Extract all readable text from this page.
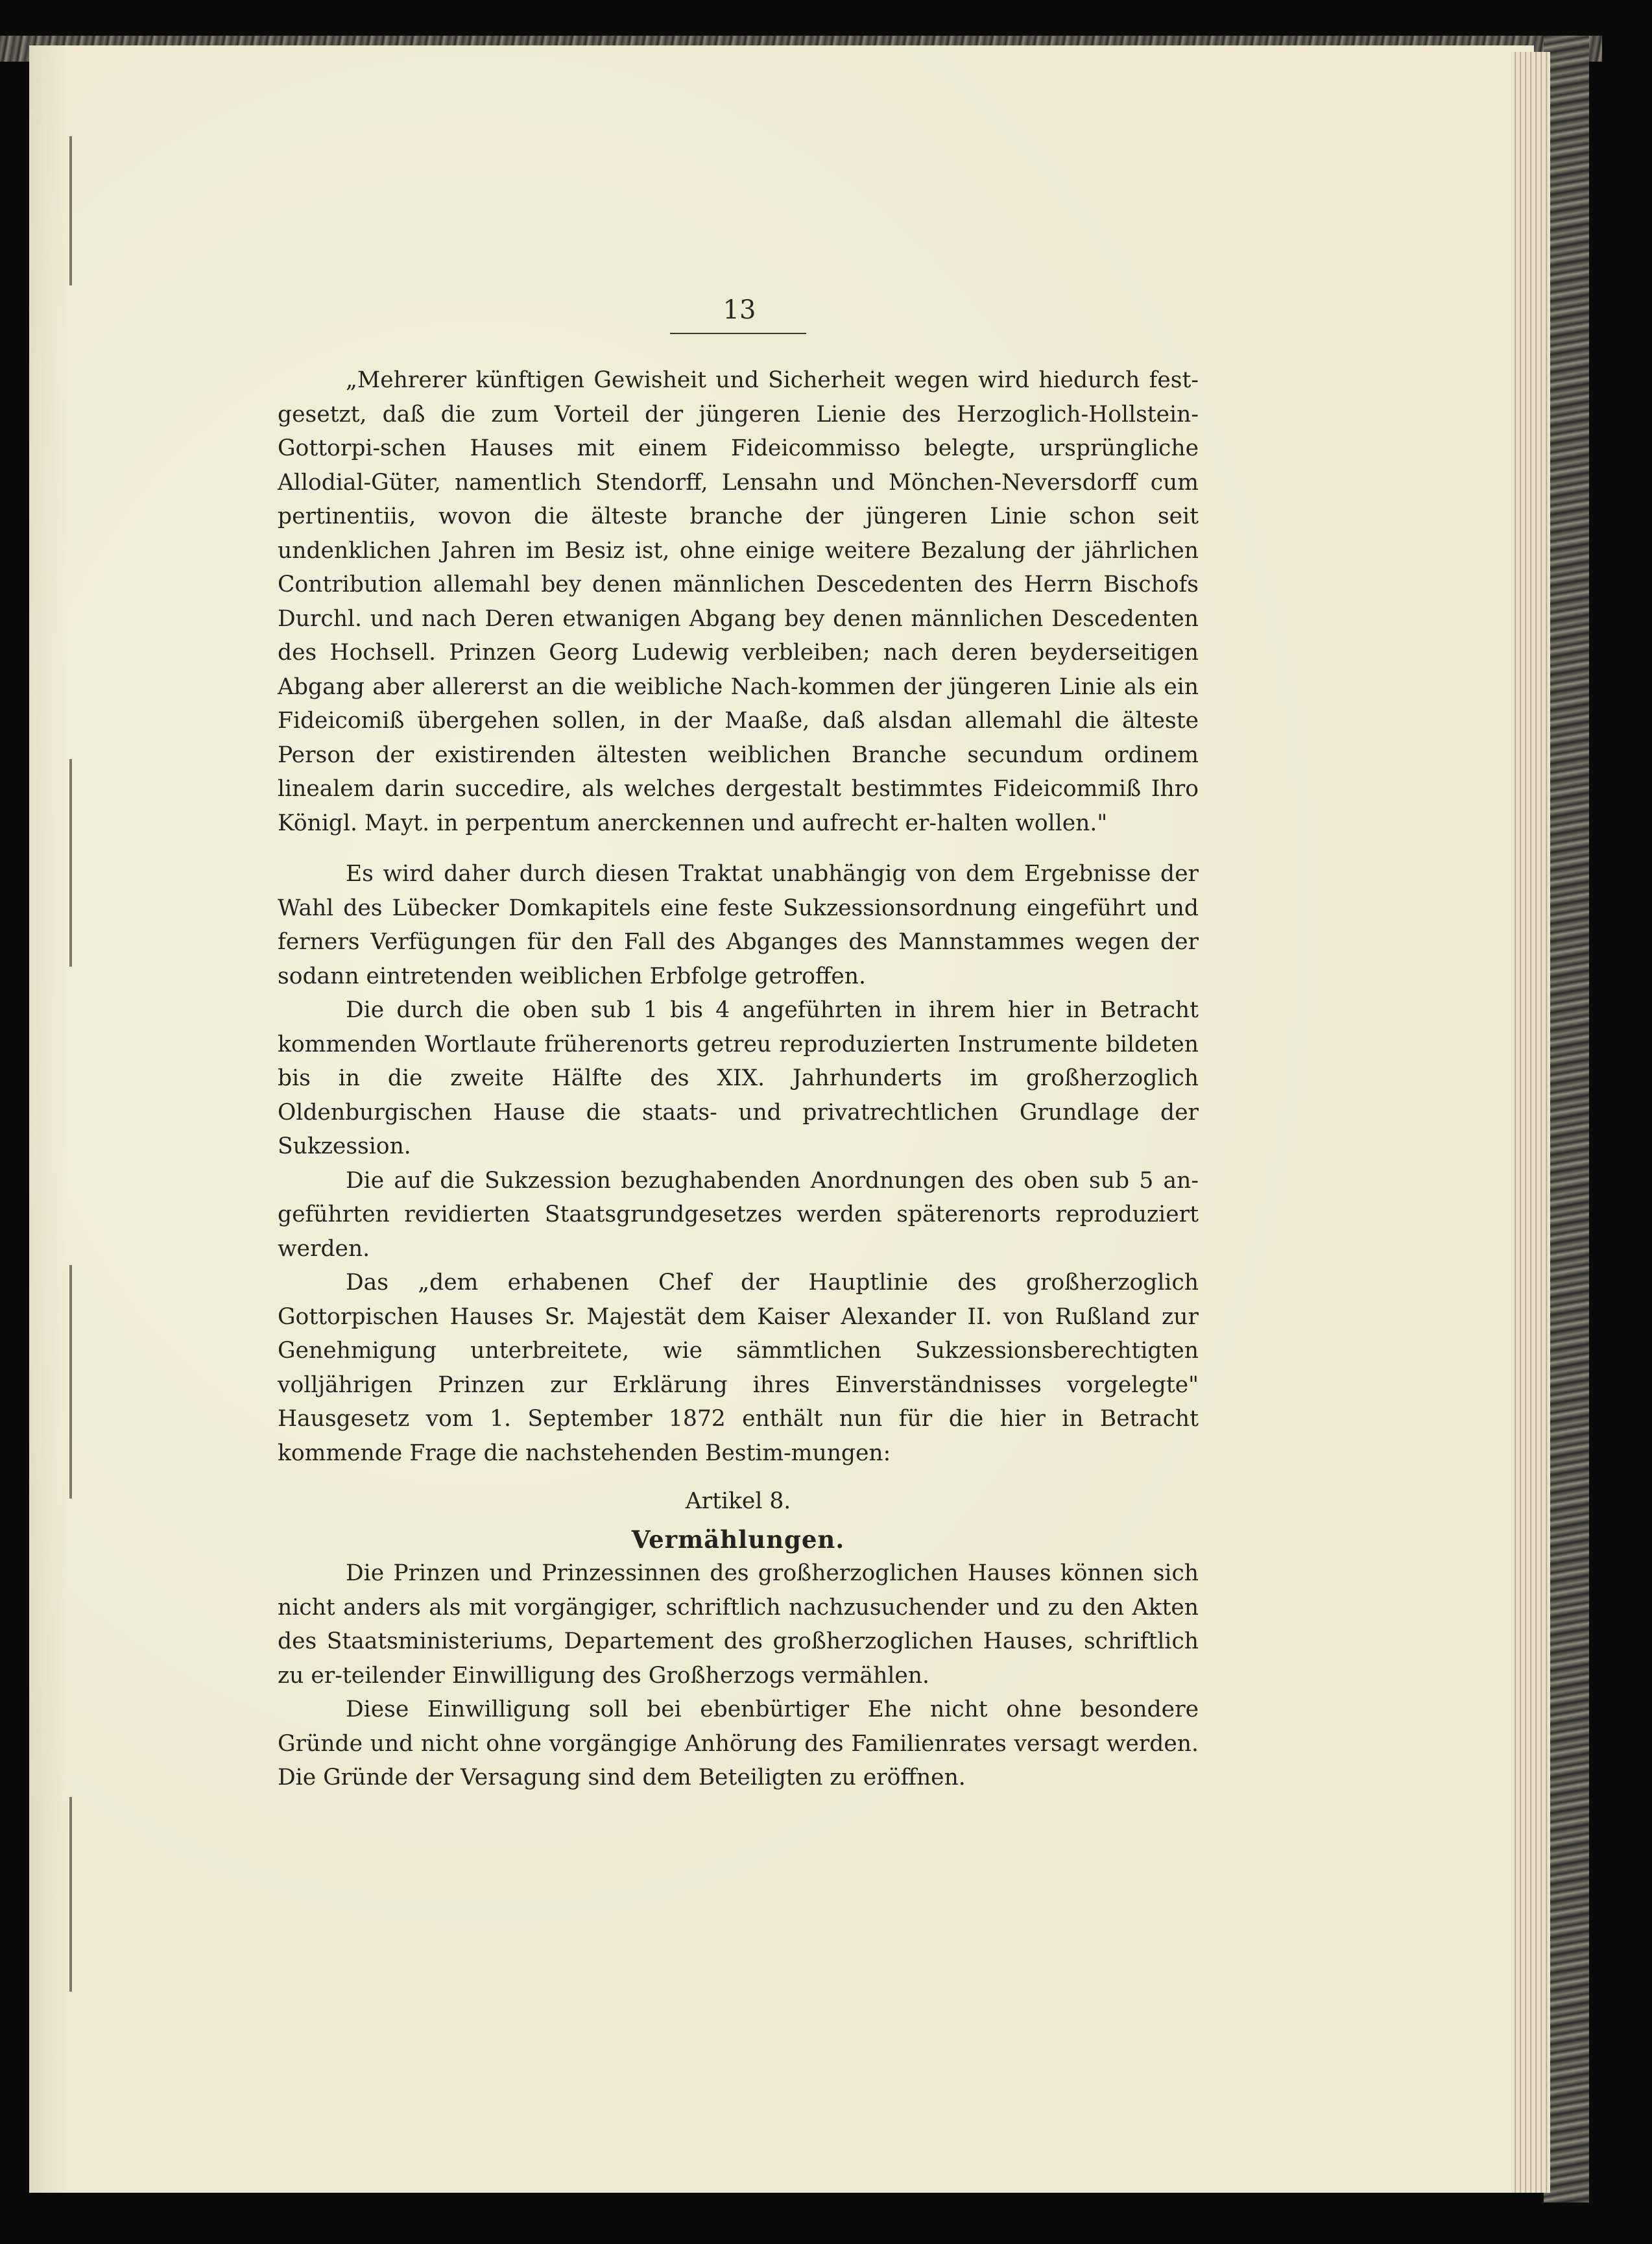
13

„Mehrerer künftigen Gewisheit und Sicherheit wegen wird hiedurch fest-gesetzt, daß die zum Vorteil der jüngeren Lienie des Herzoglich-Hollstein-Gottorpi-schen Hauses mit einem Fideicommisso belegte, ursprüngliche Allodial-Güter, namentlich Stendorff, Lensahn und Mönchen-Neversdorff cum pertinentiis, wovon die älteste branche der jüngeren Linie schon seit undenklichen Jahren im Besiz ist, ohne einige weitere Bezalung der jährlichen Contribution allemahl bey denen männlichen Descedenten des Herrn Bischofs Durchl. und nach Deren etwanigen Abgang bey denen männlichen Descedenten des Hochsell. Prinzen Georg Ludewig verbleiben; nach deren beyderseitigen Abgang aber allererst an die weibliche Nach-kommen der jüngeren Linie als ein Fideicomiß übergehen sollen, in der Maaße, daß alsdan allemahl die älteste Person der existirenden ältesten weiblichen Branche secundum ordinem linealem darin succedire, als welches dergestalt bestimmtes Fideicommiß Ihro Königl. Mayt. in perpentum anerckennen und aufrecht er-halten wollen."

Es wird daher durch diesen Traktat unabhängig von dem Ergebnisse der Wahl des Lübecker Domkapitels eine feste Sukzessionsordnung eingeführt und ferners Verfügungen für den Fall des Abganges des Mannstammes wegen der sodann eintretenden weiblichen Erbfolge getroffen.

Die durch die oben sub 1 bis 4 angeführten in ihrem hier in Betracht kommenden Wortlaute früherenorts getreu reproduzierten Instrumente bildeten bis in die zweite Hälfte des XIX. Jahrhunderts im großherzoglich Oldenburgischen Hause die staats- und privatrechtlichen Grundlage der Sukzession.

Die auf die Sukzession bezughabenden Anordnungen des oben sub 5 an-geführten revidierten Staatsgrundgesetzes werden späterenorts reproduziert werden.

Das „dem erhabenen Chef der Hauptlinie des großherzoglich Gottorpischen Hauses Sr. Majestät dem Kaiser Alexander II. von Rußland zur Genehmigung unterbreitete, wie sämmtlichen Sukzessionsberechtigten volljährigen Prinzen zur Erklärung ihres Einverständnisses vorgelegte" Hausgesetz vom 1. September 1872 enthält nun für die hier in Betracht kommende Frage die nachstehenden Bestim-mungen:

Artikel 8.

Vermählungen.

Die Prinzen und Prinzessinnen des großherzoglichen Hauses können sich nicht anders als mit vorgängiger, schriftlich nachzusuchender und zu den Akten des Staatsministeriums, Departement des großherzoglichen Hauses, schriftlich zu er-teilender Einwilligung des Großherzogs vermählen.

Diese Einwilligung soll bei ebenbürtiger Ehe nicht ohne besondere Gründe und nicht ohne vorgängige Anhörung des Familienrates versagt werden. Die Gründe der Versagung sind dem Beteiligten zu eröffnen.
